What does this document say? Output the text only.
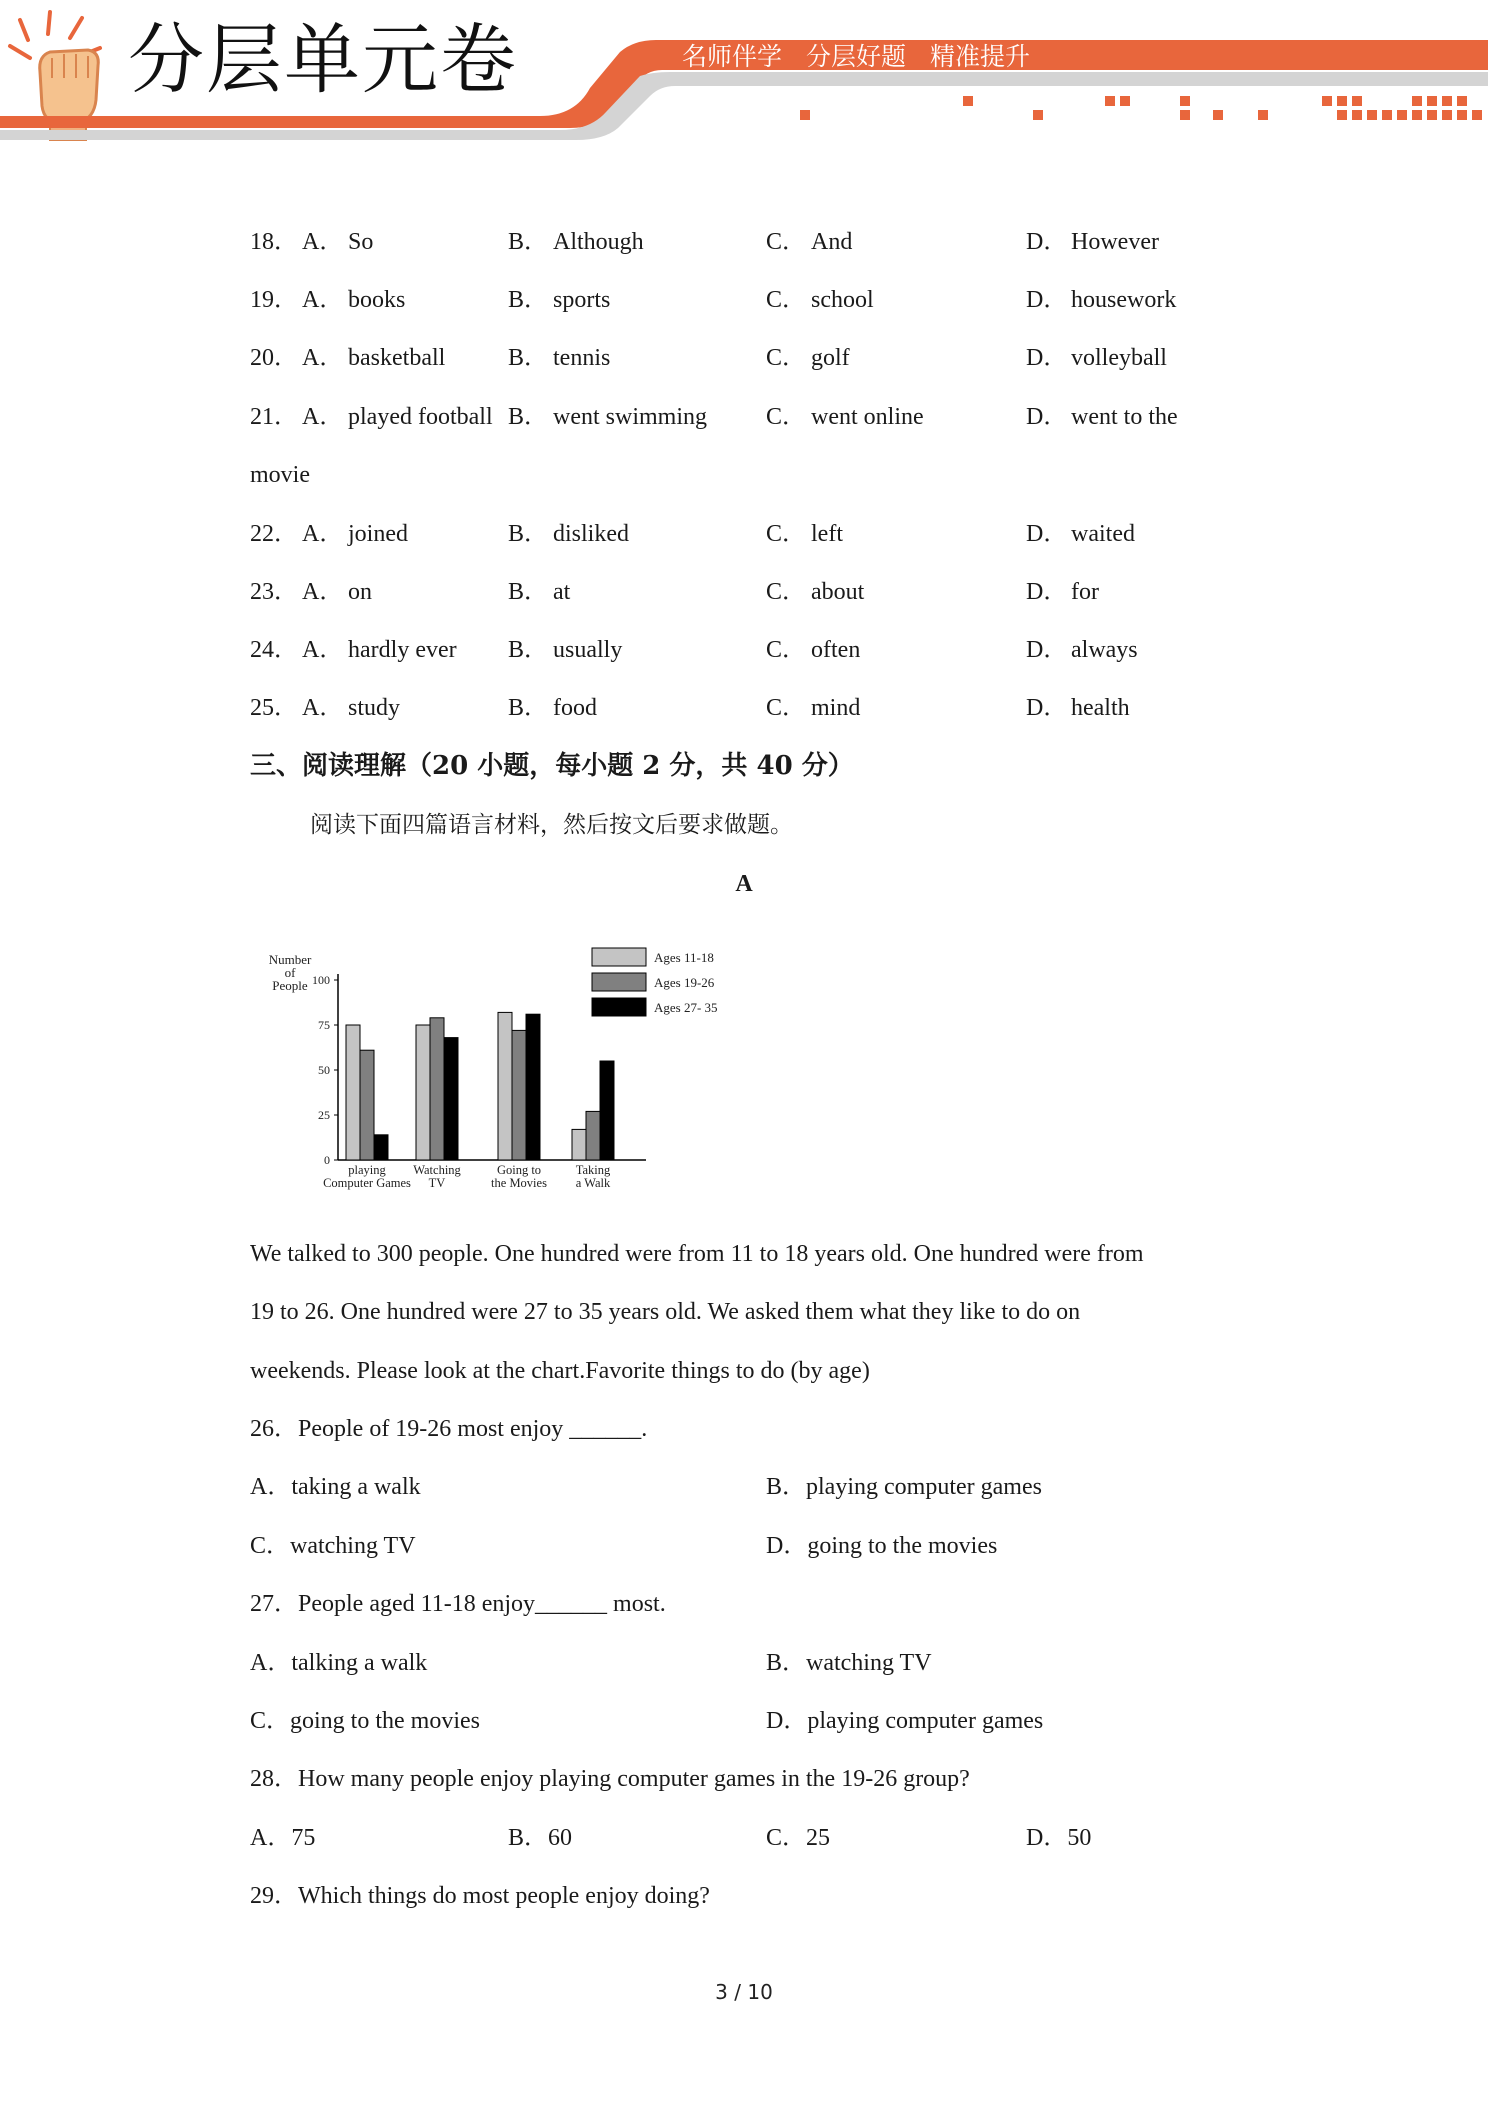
分层单元卷	名师伴学 分层好题 精准提升
18． A． So	B． Although	C． And	D． However
19． A． books	B． sports	C． school	D． housework
20． A． basketball	B． tennis	C． golf	D． volleyball
21． A． played football B． went swimming C． went online	D． went to the
movie
22． A． joined	B． disliked	C． left	D． waited
23． A． on	B． at	C． about	D． for
24． A． hardly ever B． usually	C． often	D． always
25． A． study	B． food	C． mind	D． health
三、阅读理解（20 小题，每小题 2 分，共 40 分）
阅读下面四篇语言材料，然后按文后要求做题。
A
Number
of
People
0
25
50
75
100
playing
Computer Games
Watching
TV
Going to
the Movies
Taking
a Walk
Ages 11-18
Ages 19-26
Ages 27- 35
We talked to 300 people. One hundred were from 11 to 18 years old. One hundred were from
19 to 26. One hundred were 27 to 35 years old. We asked them what they like to do on
weekends. Please look at the chart.Favorite things to do (by age)
26．People of 19-26 most enjoy ______.
A．taking a walk	B．playing computer games
C．watching TV	D．going to the movies
27．People aged 11-18 enjoy______ most.
A．talking a walk	B．watching TV
C．going to the movies	D．playing computer games
28．How many people enjoy playing computer games in the 19-26 group?
A．75	B．60	C．25	D．50
29．Which things do most people enjoy doing?
3 / 10
